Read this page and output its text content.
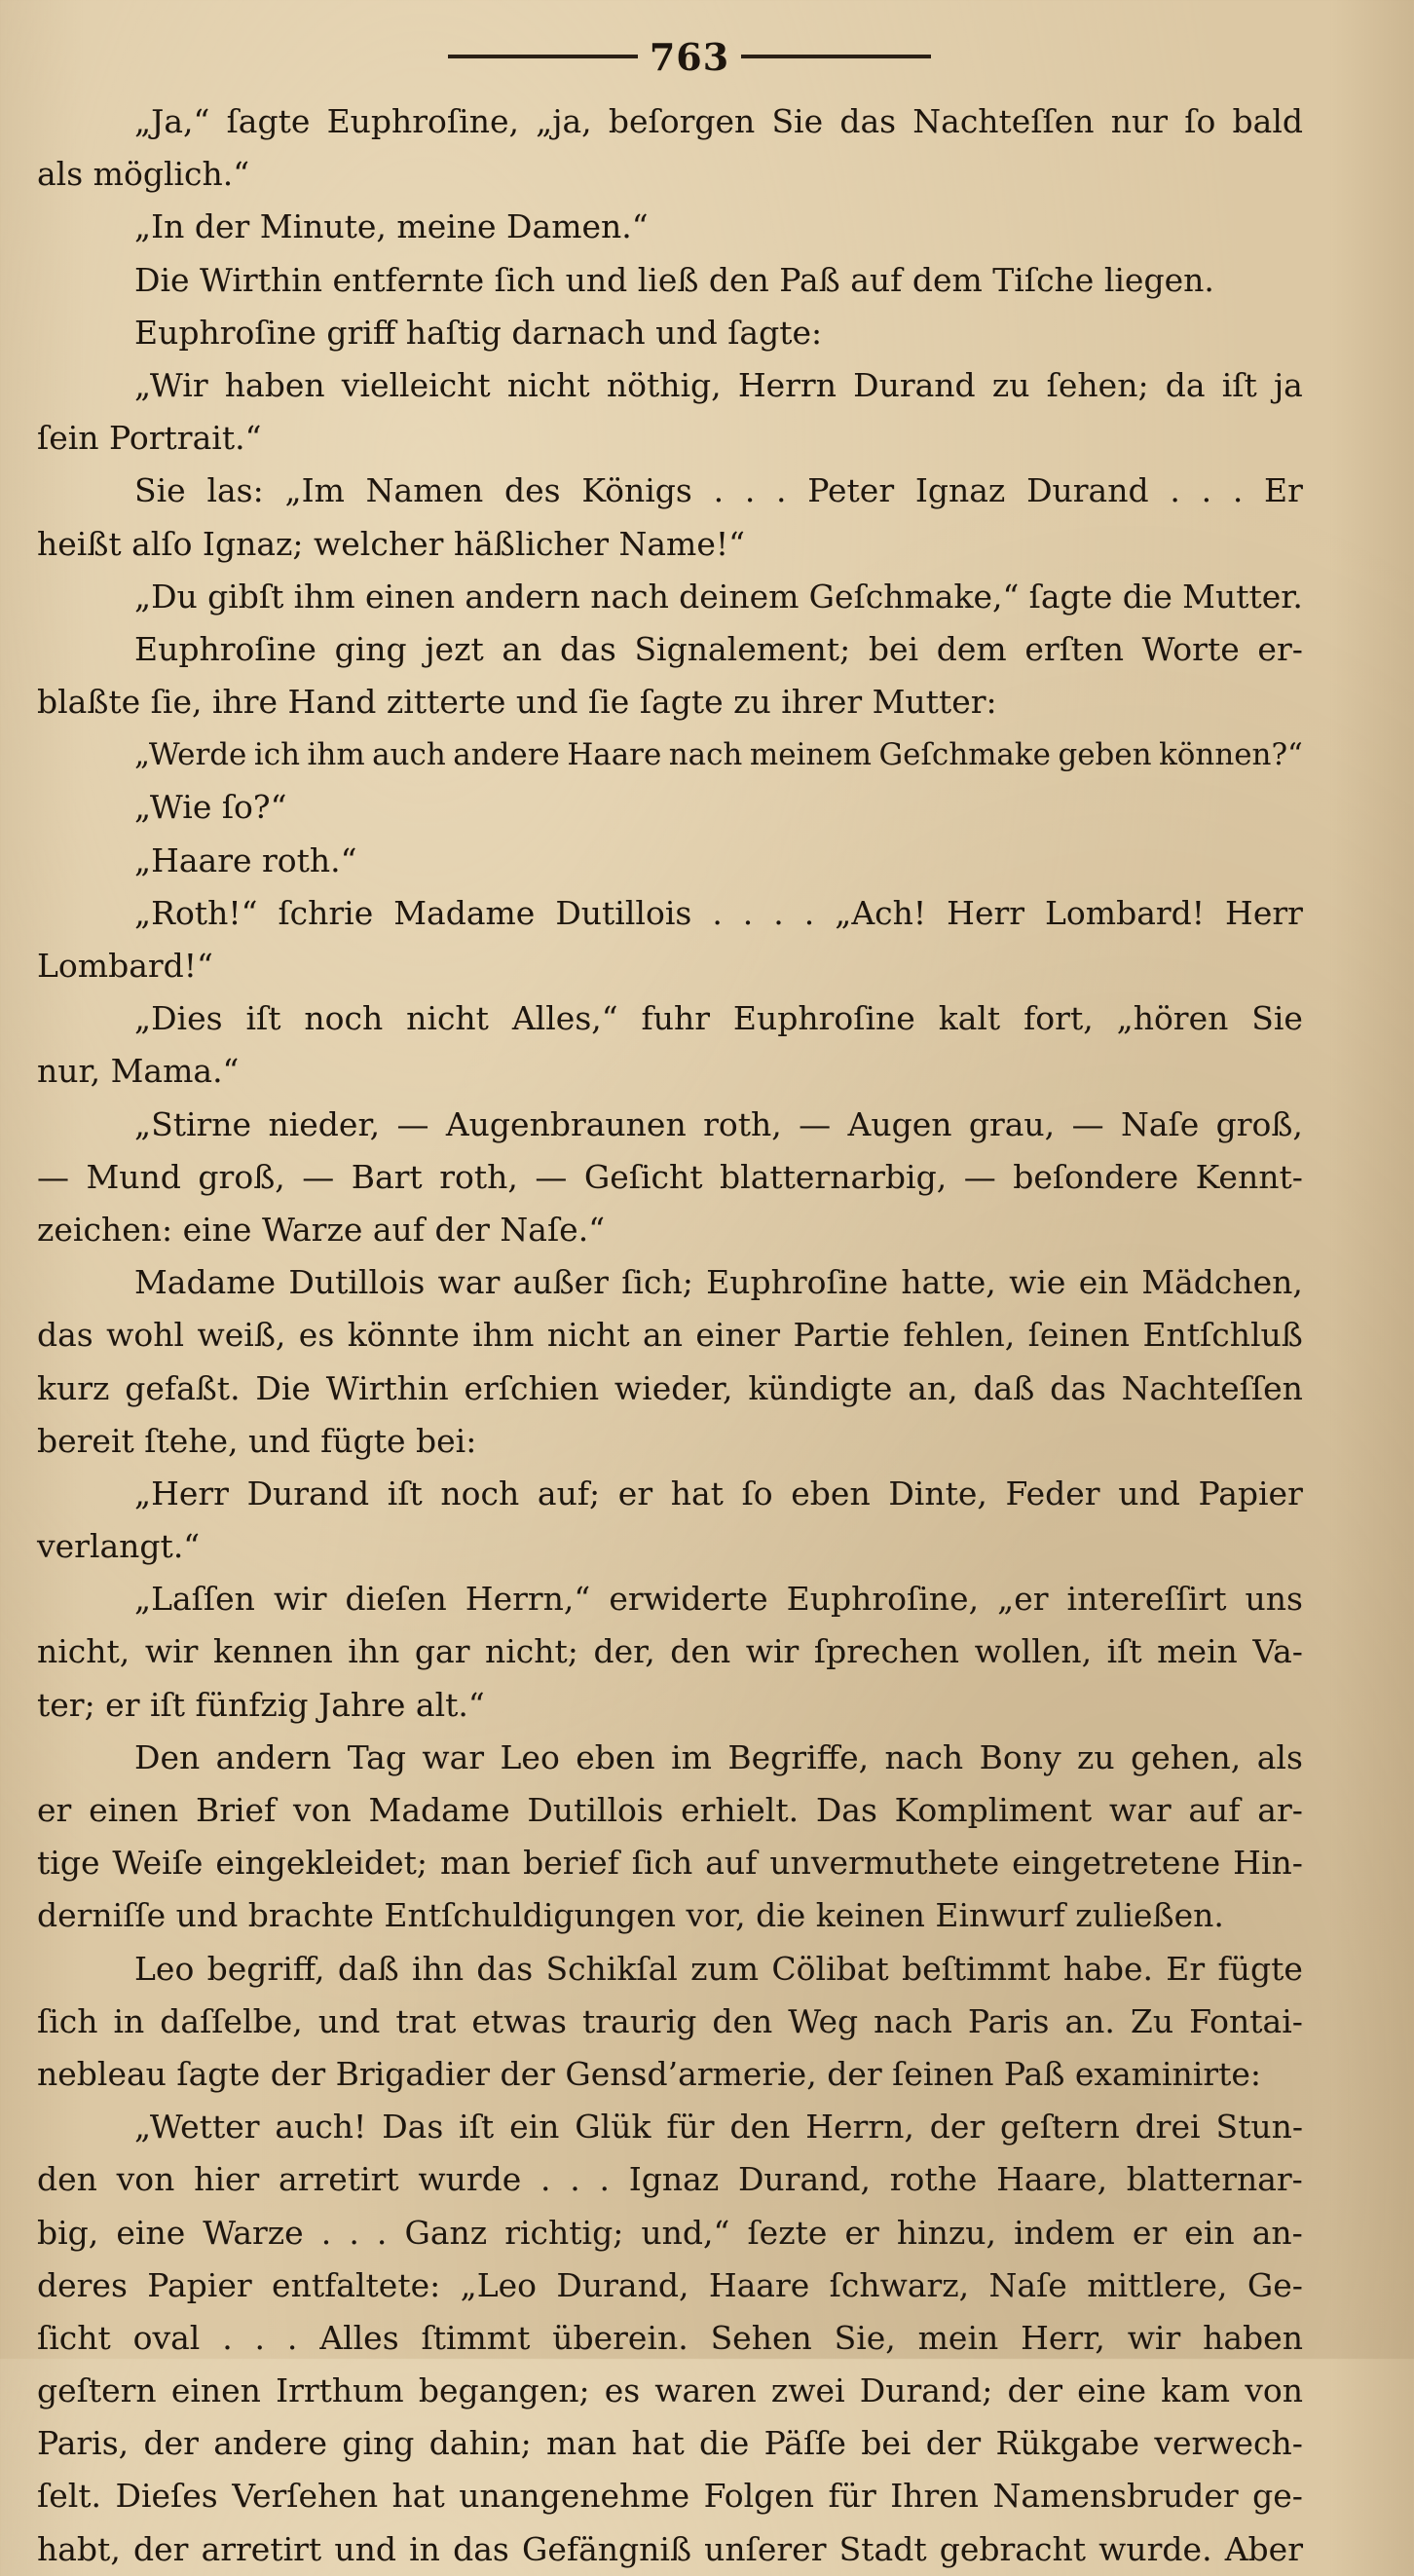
763
„Ja,“ ſagte Euphroſine, „ja, beſorgen Sie das Nachteſſen nur ſo bald
als möglich.“
„In der Minute, meine Damen.“
Die Wirthin entfernte ſich und ließ den Paß auf dem Tiſche liegen.
Euphroſine griff haſtig darnach und ſagte:
„Wir haben vielleicht nicht nöthig, Herrn Durand zu ſehen; da iſt ja
ſein Portrait.“
Sie las: „Im Namen des Königs . . . Peter Ignaz Durand . . . Er
heißt alſo Ignaz; welcher häßlicher Name!“
„Du gibſt ihm einen andern nach deinem Geſchmake,“ ſagte die Mutter.
Euphroſine ging jezt an das Signalement; bei dem erſten Worte er-
blaßte ſie, ihre Hand zitterte und ſie ſagte zu ihrer Mutter:
„Werde ich ihm auch andere Haare nach meinem Geſchmake geben können?“
„Wie ſo?“
„Haare roth.“
„Roth!“ ſchrie Madame Dutillois . . . . „Ach! Herr Lombard! Herr
Lombard!“
„Dies iſt noch nicht Alles,“ fuhr Euphroſine kalt fort, „hören Sie
nur, Mama.“
„Stirne nieder, — Augenbraunen roth, — Augen grau, — Naſe groß,
— Mund groß, — Bart roth, — Geſicht blatternarbig, — beſondere Kennt-
zeichen: eine Warze auf der Naſe.“
Madame Dutillois war außer ſich; Euphroſine hatte, wie ein Mädchen,
das wohl weiß, es könnte ihm nicht an einer Partie fehlen, ſeinen Entſchluß
kurz gefaßt. Die Wirthin erſchien wieder, kündigte an, daß das Nachteſſen
bereit ſtehe, und fügte bei:
„Herr Durand iſt noch auf; er hat ſo eben Dinte, Feder und Papier
verlangt.“
„Laſſen wir dieſen Herrn,“ erwiderte Euphroſine, „er intereſſirt uns
nicht, wir kennen ihn gar nicht; der, den wir ſprechen wollen, iſt mein Va-
ter; er iſt fünfzig Jahre alt.“
Den andern Tag war Leo eben im Begriffe, nach Bony zu gehen, als
er einen Brief von Madame Dutillois erhielt. Das Kompliment war auf ar-
tige Weiſe eingekleidet; man berief ſich auf unvermuthete eingetretene Hin-
derniſſe und brachte Entſchuldigungen vor, die keinen Einwurf zuließen.
Leo begriff, daß ihn das Schikſal zum Cölibat beſtimmt habe. Er fügte
ſich in daſſelbe, und trat etwas traurig den Weg nach Paris an. Zu Fontai-
nebleau ſagte der Brigadier der Gensd’armerie, der ſeinen Paß examinirte:
„Wetter auch! Das iſt ein Glük für den Herrn, der geſtern drei Stun-
den von hier arretirt wurde . . . Ignaz Durand, rothe Haare, blatternar-
big, eine Warze . . . Ganz richtig; und,“ ſezte er hinzu, indem er ein an-
deres Papier entfaltete: „Leo Durand, Haare ſchwarz, Naſe mittlere, Ge-
ſicht oval . . . Alles ſtimmt überein. Sehen Sie, mein Herr, wir haben
geſtern einen Irrthum begangen; es waren zwei Durand; der eine kam von
Paris, der andere ging dahin; man hat die Päſſe bei der Rükgabe verwech-
ſelt. Dieſes Verſehen hat unangenehme Folgen für Ihren Namensbruder ge-
habt, der arretirt und in das Gefängniß unſerer Stadt gebracht wurde. Aber
